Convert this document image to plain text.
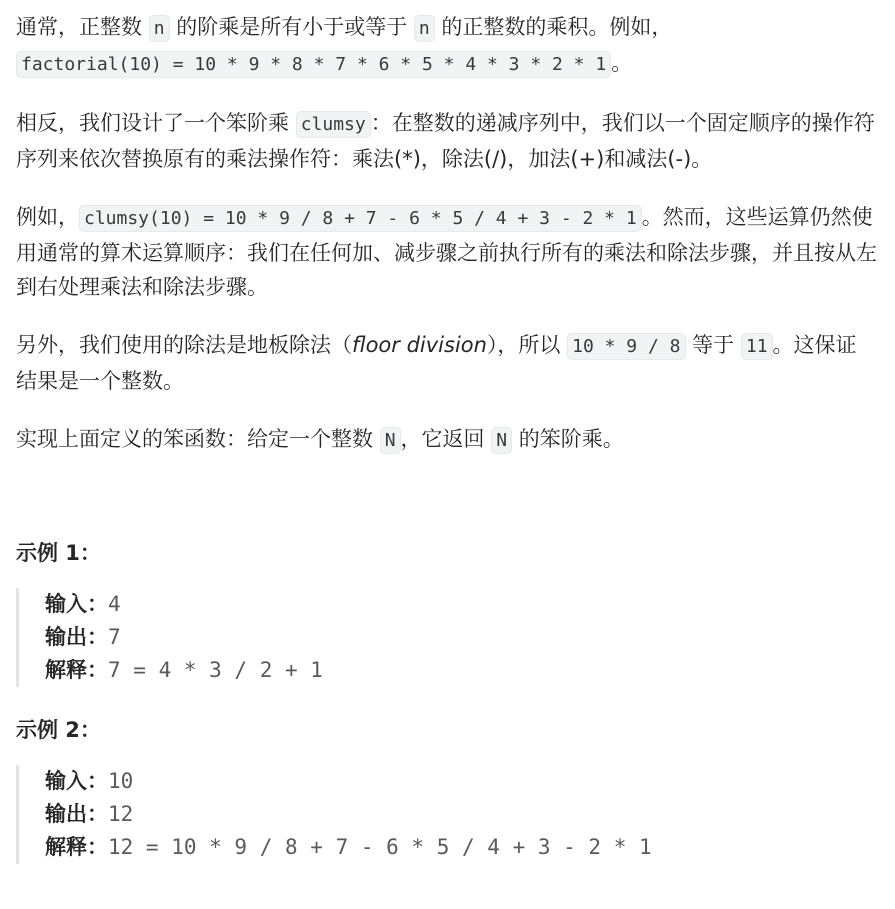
通常，正整数 n 的阶乘是所有小于或等于 n 的正整数的乘积。例如，factorial(10) = 10 * 9 * 8 * 7 * 6 * 5 * 4 * 3 * 2 * 1 。

相反，我们设计了一个笨阶乘 clumsy ：在整数的递减序列中，我们以一个固定顺序的操作符序列来依次替换原有的乘法操作符：乘法(*)，除法(/)，加法(+)和减法(-)。

例如， clumsy(10) = 10 * 9 / 8 + 7 - 6 * 5 / 4 + 3 - 2 * 1 。然而，这些运算仍然使用通常的算术运算顺序：我们在任何加、减步骤之前执行所有的乘法和除法步骤，并且按从左到右处理乘法和除法步骤。

另外，我们使用的除法是地板除法（floor division），所以 10 * 9 / 8 等于 11 。这保证结果是一个整数。

实现上面定义的笨函数：给定一个整数 N ，它返回 N 的笨阶乘。

示例 1：
输入：4
输出：7
解释：7 = 4 * 3 / 2 + 1
示例 2：
输入：10
输出：12
解释：12 = 10 * 9 / 8 + 7 - 6 * 5 / 4 + 3 - 2 * 1
